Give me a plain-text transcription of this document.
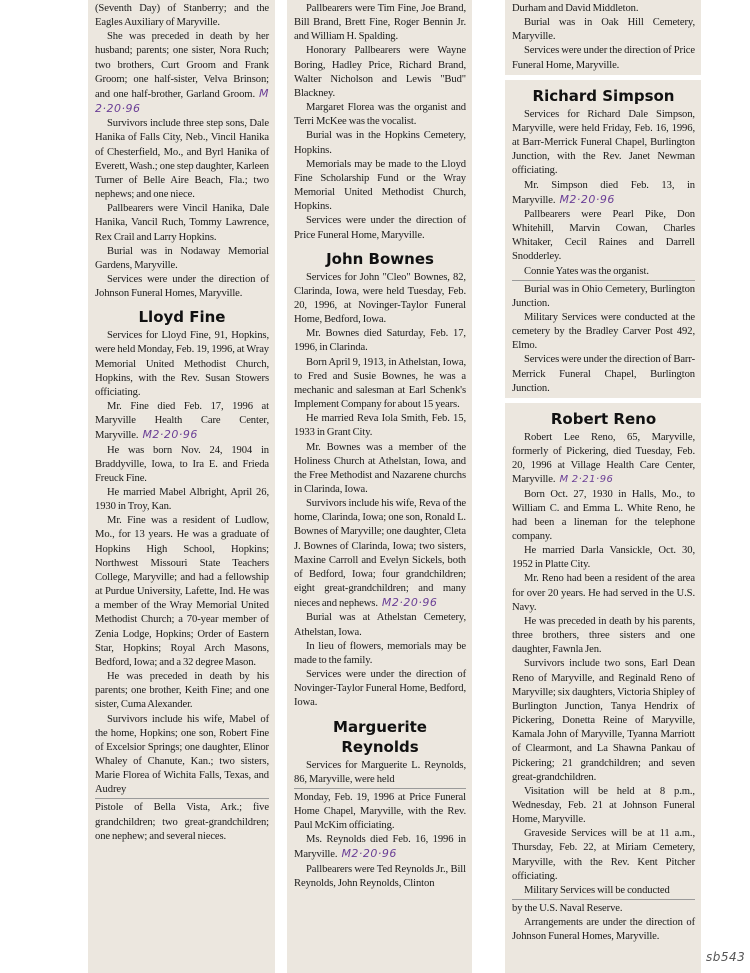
(Seventh Day) of Stanberry; and the Eagles Auxiliary of Maryville.

She was preceded in death by her husband; parents; one sister, Nora Ruch; two brothers, Curt Groom and Frank Groom; one half-sister, Velva Brinson; and one half-brother, Garland Groom. M 2·20·96

Survivors include three step sons, Dale Hanika of Falls City, Neb., Vincil Hanika of Chesterfield, Mo., and Byrl Hanika of Everett, Wash.; one step daughter, Karleen Turner of Belle Aire Beach, Fla.; two nephews; and one niece.

Pallbearers were Vincil Hanika, Dale Hanika, Vancil Ruch, Tommy Lawrence, Rex Crail and Larry Hopkins.

Burial was in Nodaway Memorial Gardens, Maryville.

Services were under the direction of Johnson Funeral Homes, Maryville.

Lloyd Fine

Services for Lloyd Fine, 91, Hopkins, were held Monday, Feb. 19, 1996, at Wray Memorial United Methodist Church, Hopkins, with the Rev. Susan Stowers officiating.

Mr. Fine died Feb. 17, 1996 at Maryville Health Care Center, Maryville. M2·20·96

He was born Nov. 24, 1904 in Braddyville, Iowa, to Ira E. and Frieda Freuck Fine.

He married Mabel Albright, April 26, 1930 in Troy, Kan.

Mr. Fine was a resident of Ludlow, Mo., for 13 years. He was a graduate of Hopkins High School, Hopkins; Northwest Missouri State Teachers College, Maryville; and had a fellowship at Purdue University, Lafette, Ind. He was a member of the Wray Memorial United Methodist Church; a 70-year member of Zenia Lodge, Hopkins; Order of Eastern Star, Hopkins; Royal Arch Masons, Bedford, Iowa; and a 32 degree Mason.

He was preceded in death by his parents; one brother, Keith Fine; and one sister, Cuma Alexander.

Survivors include his wife, Mabel of the home, Hopkins; one son, Robert Fine of Excelsior Springs; one daughter, Elinor Whaley of Chanute, Kan.; two sisters, Marie Florea of Wichita Falls, Texas, and Audrey

Pistole of Bella Vista, Ark.; five grandchildren; two great-grandchildren; one nephew; and several nieces.

Pallbearers were Tim Fine, Joe Brand, Bill Brand, Brett Fine, Roger Bennin Jr. and William H. Spalding.

Honorary Pallbearers were Wayne Boring, Hadley Price, Richard Brand, Walter Nicholson and Lewis "Bud" Blackney.

Margaret Florea was the organist and Terri McKee was the vocalist.

Burial was in the Hopkins Cemetery, Hopkins.

Memorials may be made to the Lloyd Fine Scholarship Fund or the Wray Memorial United Methodist Church, Hopkins.

Services were under the direction of Price Funeral Home, Maryville.

John Bownes

Services for John "Cleo" Bownes, 82, Clarinda, Iowa, were held Tuesday, Feb. 20, 1996, at Novinger-Taylor Funeral Home, Bedford, Iowa.

Mr. Bownes died Saturday, Feb. 17, 1996, in Clarinda.

Born April 9, 1913, in Athelstan, Iowa, to Fred and Susie Bownes, he was a mechanic and salesman at Earl Schenk's Implement Company for about 15 years.

He married Reva Iola Smith, Feb. 15, 1933 in Grant City.

Mr. Bownes was a member of the Holiness Church at Athelstan, Iowa, and the Free Methodist and Nazarene churchs in Clarinda, Iowa.

Survivors include his wife, Reva of the home, Clarinda, Iowa; one son, Ronald L. Bownes of Maryville; one daughter, Cleta J. Bownes of Clarinda, Iowa; two sisters, Maxine Carroll and Evelyn Sickels, both of Bedford, Iowa; four grandchildren; eight great-grandchildren; and many nieces and nephews. M2·20·96

Burial was at Athelstan Cemetery, Athelstan, Iowa.

In lieu of flowers, memorials may be made to the family.

Services were under the direction of Novinger-Taylor Funeral Home, Bedford, Iowa.

Marguerite Reynolds

Services for Marguerite L. Reynolds, 86, Maryville, were held

Monday, Feb. 19, 1996 at Price Funeral Home Chapel, Maryville, with the Rev. Paul McKim officiating.

Ms. Reynolds died Feb. 16, 1996 in Maryville. M2·20·96

Pallbearers were Ted Reynolds Jr., Bill Reynolds, John Reynolds, Clinton

Durham and David Middleton.

Burial was in Oak Hill Cemetery, Maryville.

Services were under the direction of Price Funeral Home, Maryville.

Richard Simpson

Services for Richard Dale Simpson, Maryville, were held Friday, Feb. 16, 1996, at Barr-Merrick Funeral Chapel, Burlington Junction, with the Rev. Janet Newman officiating.

Mr. Simpson died Feb. 13, in Maryville. M2·20·96

Pallbearers were Pearl Pike, Don Whitehill, Marvin Cowan, Charles Whitaker, Cecil Raines and Darrell Snodderley.

Connie Yates was the organist.

Burial was in Ohio Cemetery, Burlington Junction.

Military Services were conducted at the cemetery by the Bradley Carver Post 492, Elmo.

Services were under the direction of Barr-Merrick Funeral Chapel, Burlington Junction.

Robert Reno

Robert Lee Reno, 65, Maryville, formerly of Pickering, died Tuesday, Feb. 20, 1996 at Village Health Care Center, Maryville. M 2·21·96

Born Oct. 27, 1930 in Halls, Mo., to William C. and Emma L. White Reno, he had been a lineman for the telephone company.

He married Darla Vansickle, Oct. 30, 1952 in Platte City.

Mr. Reno had been a resident of the area for over 20 years. He had served in the U.S. Navy.

He was preceded in death by his parents, three brothers, three sisters and one daughter, Fawnla Jen.

Survivors include two sons, Earl Dean Reno of Maryville, and Reginald Reno of Maryville; six daughters, Victoria Shipley of Burlington Junction, Tanya Hendrix of Pickering, Donetta Reine of Maryville, Kamala John of Maryville, Tyanna Marriott of Clearmont, and La Shawna Pankau of Pickering; 21 grandchildren; and seven great-grandchildren.

Visitation will be held at 8 p.m., Wednesday, Feb. 21 at Johnson Funeral Home, Maryville.

Graveside Services will be at 11 a.m., Thursday, Feb. 22, at Miriam Cemetery, Maryville, with the Rev. Kent Pitcher officiating.

Military Services will be conducted

by the U.S. Naval Reserve.

Arrangements are under the direction of Johnson Funeral Homes, Maryville.

sb543
